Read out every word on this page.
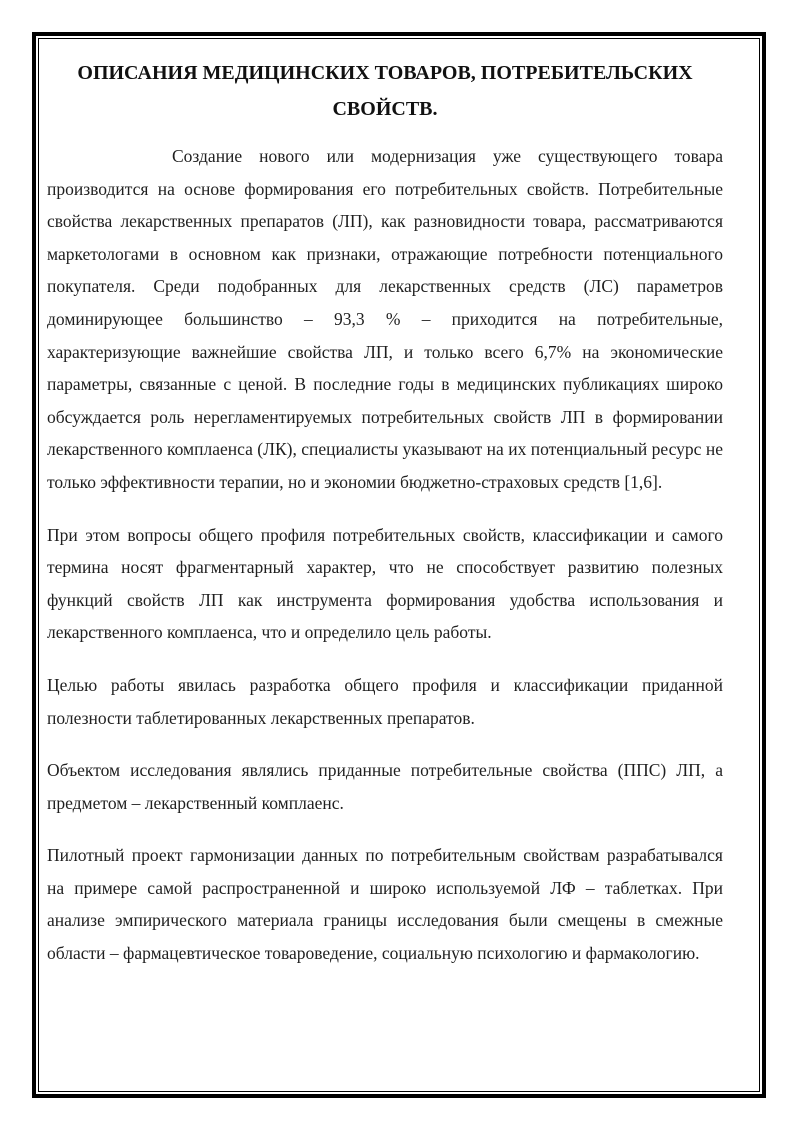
ОПИСАНИЯ МЕДИЦИНСКИХ ТОВАРОВ, ПОТРЕБИТЕЛЬСКИХ
СВОЙСТВ.

Создание нового или модернизация уже существующего товара производится на основе формирования его потребительных свойств. Потребительные свойства лекарственных препаратов (ЛП), как разновидности товара, рассматриваются маркетологами в основном как признаки, отражающие потребности потенциального покупателя. Среди подобранных для лекарственных средств (ЛС) параметров доминирующее большинство – 93,3 % – приходится на потребительные, характеризующие важнейшие свойства ЛП, и только всего 6,7% на экономические параметры, связанные с ценой. В последние годы в медицинских публикациях широко обсуждается роль нерегламентируемых потребительных свойств ЛП в формировании лекарственного комплаенса (ЛК), специалисты указывают на их потенциальный ресурс не только эффективности терапии, но и экономии бюджетно-страховых средств [1,6].

При этом вопросы общего профиля потребительных свойств, классификации и самого термина носят фрагментарный характер, что не способствует развитию полезных функций свойств ЛП как инструмента формирования удобства использования и лекарственного комплаенса, что и определило цель работы.

Целью работы явилась разработка общего профиля и классификации приданной полезности таблетированных лекарственных препаратов.

Объектом исследования являлись приданные потребительные свойства (ППС) ЛП, а предметом – лекарственный комплаенс.

Пилотный проект гармонизации данных по потребительным свойствам разрабатывался на примере самой распространенной и широко используемой ЛФ – таблетках. При анализе эмпирического материала границы исследования были смещены в смежные области – фармацевтическое товароведение, социальную психологию и фармакологию.
